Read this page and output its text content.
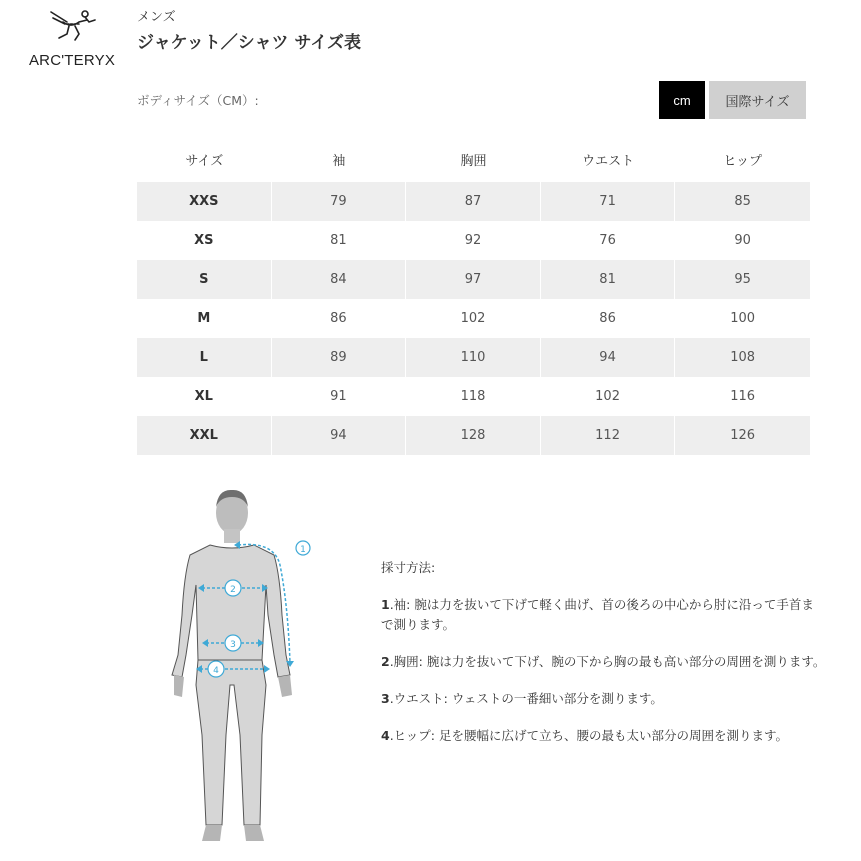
ARC'TERYX
メンズ
ジャケット／シャツ サイズ表
ボディサイズ（CM）:	cm	国際サイズ
サイズ	袖	胸囲	ウエスト	ヒップ
XXS	79	87	71	85
XS	81	92	76	90
S	84	97	81	95
M	86	102	86	100
L	89	110	94	108
XL	91	118	102	116
XXL	94	128	112	126
1
2
3
4

採寸方法:

1.袖: 腕は力を抜いて下げて軽く曲げ、首の後ろの中心から肘に沿って手首まで測ります。

2.胸囲: 腕は力を抜いて下げ、腕の下から胸の最も高い部分の周囲を測ります。

3.ウエスト: ウェストの一番細い部分を測ります。

4.ヒップ: 足を腰幅に広げて立ち、腰の最も太い部分の周囲を測ります。
